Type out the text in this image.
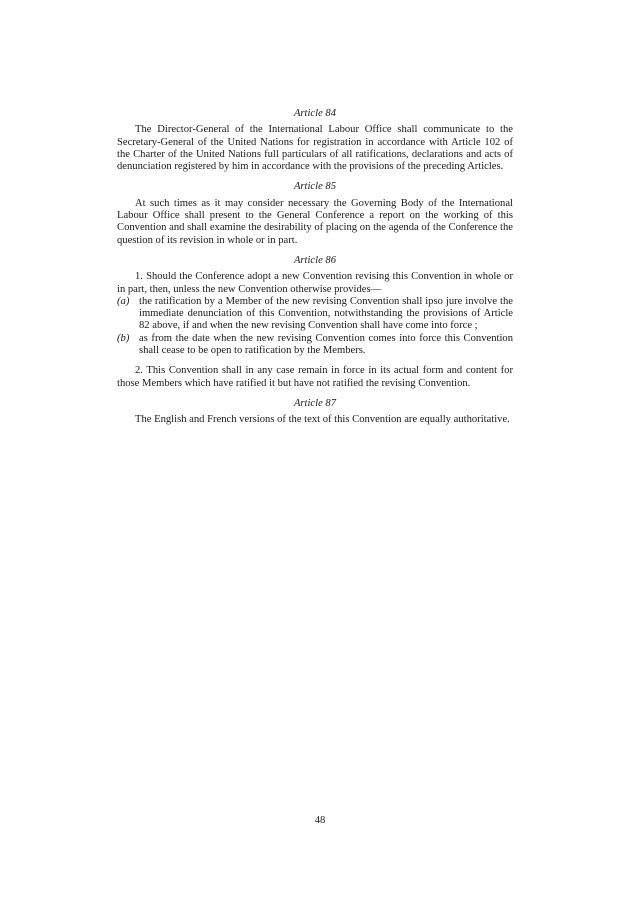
Article 84

The Director-General of the International Labour Office shall communicate to the Secretary-General of the United Nations for registration in accordance with Article 102 of the Charter of the United Nations full particulars of all ratifications, declarations and acts of denunciation registered by him in accordance with the provisions of the preceding Articles.

Article 85

At such times as it may consider necessary the Governing Body of the International Labour Office shall present to the General Conference a report on the working of this Convention and shall examine the desirability of placing on the agenda of the Conference the question of its revision in whole or in part.

Article 86

1. Should the Conference adopt a new Convention revising this Convention in whole or in part, then, unless the new Convention otherwise provides—

(a) the ratification by a Member of the new revising Convention shall ipso jure involve the immediate denunciation of this Convention, notwithstanding the provisions of Article 82 above, if and when the new revising Convention shall have come into force ;
(b) as from the date when the new revising Convention comes into force this Convention shall cease to be open to ratification by the Members.

2. This Convention shall in any case remain in force in its actual form and content for those Members which have ratified it but have not ratified the revising Convention.

Article 87

The English and French versions of the text of this Convention are equally authoritative.

48
